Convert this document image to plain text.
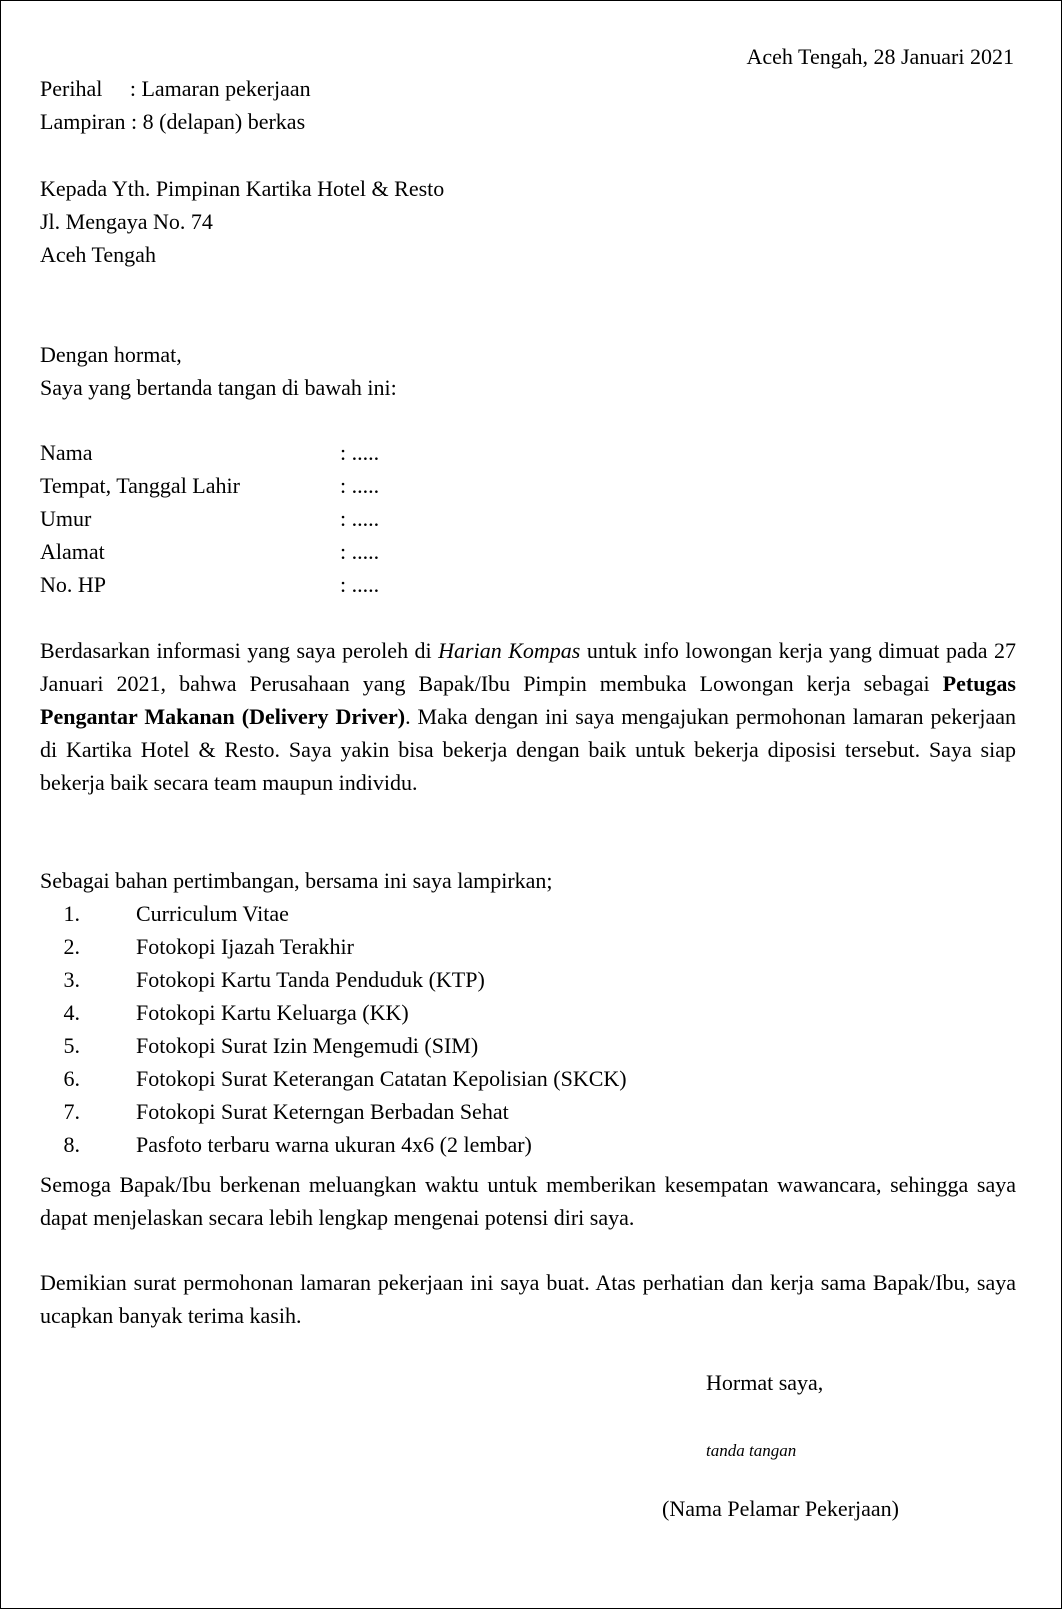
Aceh Tengah, 28 Januari 2021
Perihal     : Lamaran pekerjaan
Lampiran : 8 (delapan) berkas
Kepada Yth. Pimpinan Kartika Hotel & Resto
Jl. Mengaya No. 74
Aceh Tengah
Dengan hormat,
Saya yang bertanda tangan di bawah ini:
Nama	: .....
Tempat, Tanggal Lahir	: .....
Umur	: .....
Alamat	: .....
No. HP	: .....
Berdasarkan informasi yang saya peroleh di Harian Kompas untuk info lowongan kerja yang dimuat pada 27 Januari 2021, bahwa Perusahaan yang Bapak/Ibu Pimpin membuka Lowongan kerja sebagai Petugas Pengantar Makanan (Delivery Driver). Maka dengan ini saya mengajukan permohonan lamaran pekerjaan di Kartika Hotel & Resto. Saya yakin bisa bekerja dengan baik untuk bekerja diposisi tersebut. Saya siap bekerja baik secara team maupun individu.
Sebagai bahan pertimbangan, bersama ini saya lampirkan;
1.	Curriculum Vitae
2.	Fotokopi Ijazah Terakhir
3.	Fotokopi Kartu Tanda Penduduk (KTP)
4.	Fotokopi Kartu Keluarga (KK)
5.	Fotokopi Surat Izin Mengemudi (SIM)
6.	Fotokopi Surat Keterangan Catatan Kepolisian (SKCK)
7.	Fotokopi Surat Keterngan Berbadan Sehat
8.	Pasfoto terbaru warna ukuran 4x6 (2 lembar)
Semoga Bapak/Ibu berkenan meluangkan waktu untuk memberikan kesempatan wawancara, sehingga saya dapat menjelaskan secara lebih lengkap mengenai potensi diri saya.
Demikian surat permohonan lamaran pekerjaan ini saya buat. Atas perhatian dan kerja sama Bapak/Ibu, saya ucapkan banyak terima kasih.
Hormat saya,
tanda tangan
(Nama Pelamar Pekerjaan)
